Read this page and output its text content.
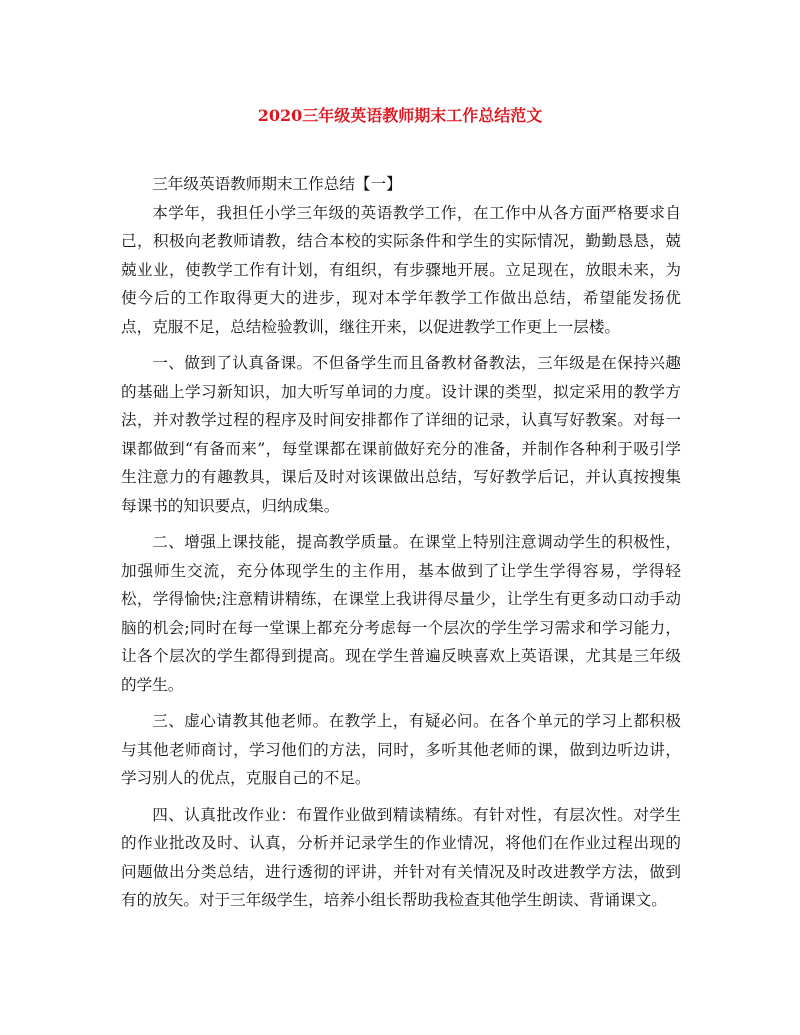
2020三年级英语教师期末工作总结范文

三年级英语教师期末工作总结【一】

本学年，我担任小学三年级的英语教学工作，在工作中从各方面严格要求自己，积极向老教师请教，结合本校的实际条件和学生的实际情况，勤勤恳恳，兢兢业业，使教学工作有计划，有组织，有步骤地开展。立足现在，放眼未来，为使今后的工作取得更大的进步，现对本学年教学工作做出总结，希望能发扬优点，克服不足，总结检验教训，继往开来，以促进教学工作更上一层楼。

一、做到了认真备课。不但备学生而且备教材备教法，三年级是在保持兴趣的基础上学习新知识，加大听写单词的力度。设计课的类型，拟定采用的教学方法，并对教学过程的程序及时间安排都作了详细的记录，认真写好教案。对每一课都做到“有备而来”，每堂课都在课前做好充分的准备，并制作各种利于吸引学生注意力的有趣教具，课后及时对该课做出总结，写好教学后记，并认真按搜集每课书的知识要点，归纳成集。

二、增强上课技能，提高教学质量。在课堂上特别注意调动学生的积极性，加强师生交流，充分体现学生的主作用，基本做到了让学生学得容易，学得轻松，学得愉快;注意精讲精练，在课堂上我讲得尽量少，让学生有更多动口动手动脑的机会;同时在每一堂课上都充分考虑每一个层次的学生学习需求和学习能力，让各个层次的学生都得到提高。现在学生普遍反映喜欢上英语课，尤其是三年级的学生。

三、虚心请教其他老师。在教学上，有疑必问。在各个单元的学习上都积极与其他老师商讨，学习他们的方法，同时，多听其他老师的课，做到边听边讲，学习别人的优点，克服自己的不足。

四、认真批改作业：布置作业做到精读精练。有针对性，有层次性。对学生的作业批改及时、认真，分析并记录学生的作业情况，将他们在作业过程出现的问题做出分类总结，进行透彻的评讲，并针对有关情况及时改进教学方法，做到有的放矢。对于三年级学生，培养小组长帮助我检查其他学生朗读、背诵课文。
